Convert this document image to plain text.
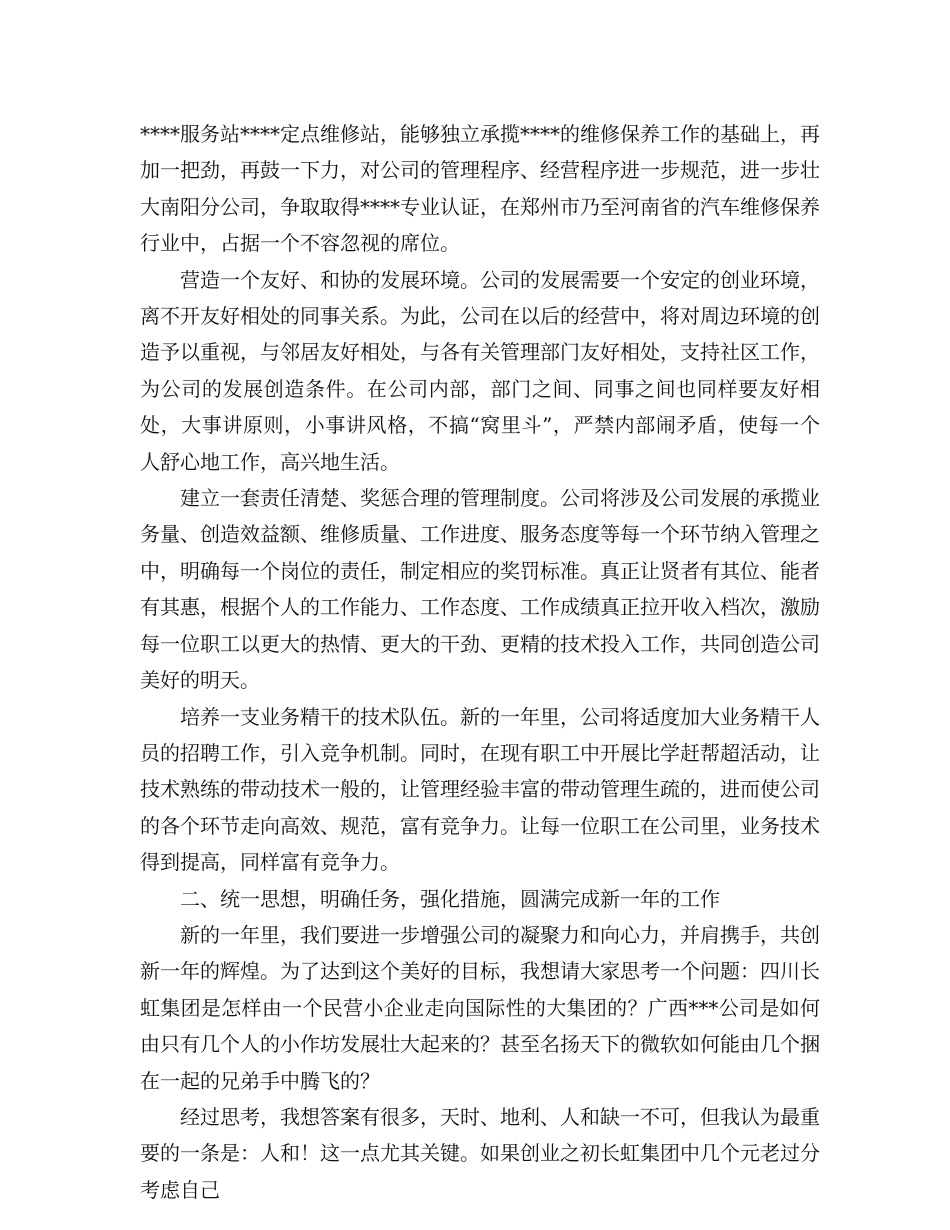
****服务站****定点维修站，能够独立承揽****的维修保养工作的基础上，再加一把劲，再鼓一下力，对公司的管理程序、经营程序进一步规范，进一步壮大南阳分公司，争取取得****专业认证，在郑州市乃至河南省的汽车维修保养行业中，占据一个不容忽视的席位。

营造一个友好、和协的发展环境。公司的发展需要一个安定的创业环境，离不开友好相处的同事关系。为此，公司在以后的经营中，将对周边环境的创造予以重视，与邻居友好相处，与各有关管理部门友好相处，支持社区工作，为公司的发展创造条件。在公司内部，部门之间、同事之间也同样要友好相处，大事讲原则，小事讲风格，不搞“窝里斗”，严禁内部闹矛盾，使每一个人舒心地工作，高兴地生活。

建立一套责任清楚、奖惩合理的管理制度。公司将涉及公司发展的承揽业务量、创造效益额、维修质量、工作进度、服务态度等每一个环节纳入管理之中，明确每一个岗位的责任，制定相应的奖罚标准。真正让贤者有其位、能者有其惠，根据个人的工作能力、工作态度、工作成绩真正拉开收入档次，激励每一位职工以更大的热情、更大的干劲、更精的技术投入工作，共同创造公司美好的明天。

培养一支业务精干的技术队伍。新的一年里，公司将适度加大业务精干人员的招聘工作，引入竞争机制。同时，在现有职工中开展比学赶帮超活动，让技术熟练的带动技术一般的，让管理经验丰富的带动管理生疏的，进而使公司的各个环节走向高效、规范，富有竞争力。让每一位职工在公司里，业务技术得到提高，同样富有竞争力。

二、统一思想，明确任务，强化措施，圆满完成新一年的工作

新的一年里，我们要进一步增强公司的凝聚力和向心力，并肩携手，共创新一年的辉煌。为了达到这个美好的目标，我想请大家思考一个问题：四川长虹集团是怎样由一个民营小企业走向国际性的大集团的？广西***公司是如何由只有几个人的小作坊发展壮大起来的？甚至名扬天下的微软如何能由几个捆在一起的兄弟手中腾飞的？

经过思考，我想答案有很多，天时、地利、人和缺一不可，但我认为最重要的一条是：人和！这一点尤其关键。如果创业之初长虹集团中几个元老过分考虑自己
